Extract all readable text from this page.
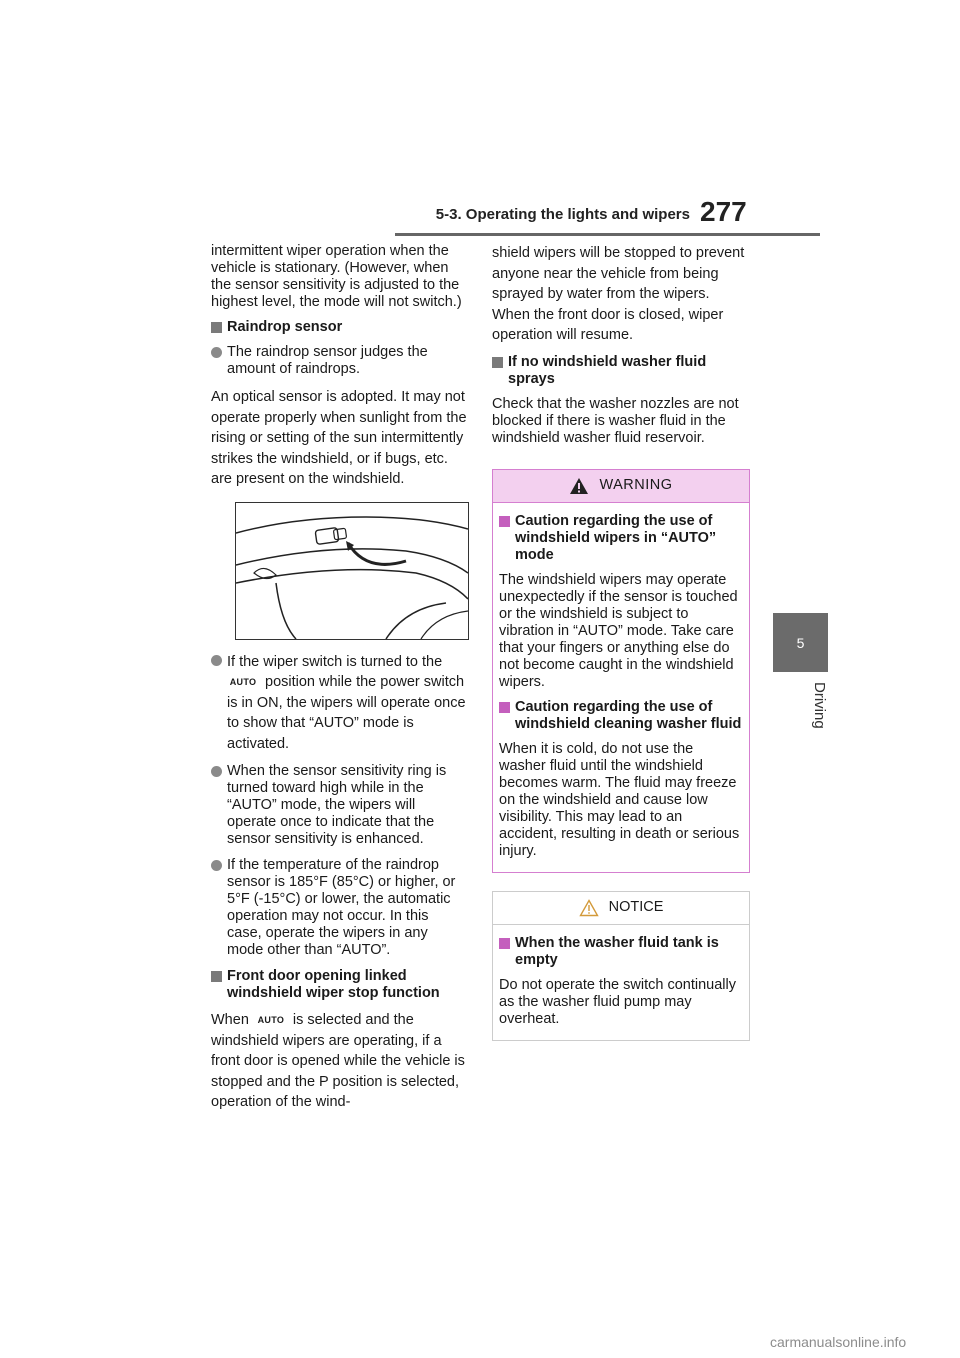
5-3. Operating the lights and wipers 277
5
Driving

intermittent wiper operation when the vehicle is stationary. (However, when the sensor sensitivity is adjusted to the highest level, the mode will not switch.)

Raindrop sensor
The raindrop sensor judges the amount of raindrops.

An optical sensor is adopted. It may not operate properly when sunlight from the rising or setting of the sun intermittently strikes the windshield, or if bugs, etc. are present on the windshield.

If the wiper switch is turned to the
AUTO position while the power switch is in ON, the wipers will operate once to show that “AUTO” mode is activated.
When the sensor sensitivity ring is turned toward high while in the “AUTO” mode, the wipers will operate once to indicate that the sensor sensitivity is enhanced.
If the temperature of the raindrop sensor is 185°F (85°C) or higher, or 5°F (-15°C) or lower, the automatic operation may not occur. In this case, operate the wipers in any mode other than “AUTO”.
Front door opening linked windshield wiper stop function

When AUTO is selected and the windshield wipers are operating, if a front door is opened while the vehicle is stopped and the P position is selected, operation of the wind-

shield wipers will be stopped to prevent anyone near the vehicle from being sprayed by water from the wipers. When the front door is closed, wiper operation will resume.

If no windshield washer fluid sprays

Check that the washer nozzles are not blocked if there is washer fluid in the windshield washer fluid reservoir.

WARNING
Caution regarding the use of windshield wipers in “AUTO” mode

The windshield wipers may operate unexpectedly if the sensor is touched or the windshield is subject to vibration in “AUTO” mode. Take care that your fingers or anything else do not become caught in the windshield wipers.

Caution regarding the use of windshield cleaning washer fluid

When it is cold, do not use the washer fluid until the windshield becomes warm. The fluid may freeze on the windshield and cause low visibility. This may lead to an accident, resulting in death or serious injury.

NOTICE
When the washer fluid tank is empty

Do not operate the switch continually as the washer fluid pump may overheat.

carmanualsonline.info
